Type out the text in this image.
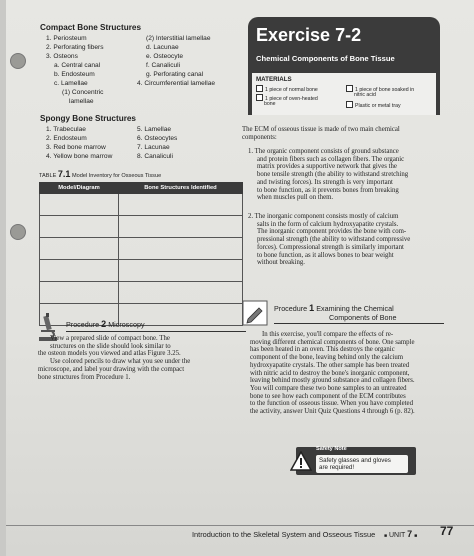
Compact Bone Structures
1. Periosteum
2. Perforating fibers
3. Osteons
a. Central canal
b. Endosteum
c. Lamellae
(1) Concentric
lamellae
(2) Interstitial lamellae
d. Lacunae
e. Osteocyte
f. Canaliculi
g. Perforating canal
4. Circumferential lamellae
Spongy Bone Structures
1. Trabeculae
2. Endosteum
3. Red bone marrow
4. Yellow bone marrow
5. Lamellae
6. Osteocytes
7. Lacunae
8. Canaliculi
TABLE 7.1 Model Inventory for Osseous Tissue
Model/Diagram	Bone Structures Identified

Exercise 7-2
Chemical Components of Bone Tissue
MATERIALS
1 piece of normal bone
1 piece of oven-heated
bone
1 piece of bone soaked in
nitric acid
Plastic or metal tray
The ECM of osseous tissue is made of two main chemical
components:
1. The organic component consists of ground substance
and protein fibers such as collagen fibers. The organic
matrix provides a supportive network that gives the
bone tensile strength (the ability to withstand stretching
and twisting forces). Its strength is very important
to bone function, as it prevents bones from breaking
when muscles pull on them.
2. The inorganic component consists mostly of calcium
salts in the form of calcium hydroxyapatite crystals.
The inorganic component provides the bone with com-
pressional strength (the ability to withstand compressive
forces). Compressional strength is similarly important
to bone function, as it allows bones to bear weight
without breaking.
Procedure 1 Examining the Chemical
Components of Bone
In this exercise, you'll compare the effects of re-
moving different chemical components of bone. One sample
has been heated in an oven. This destroys the organic
component of the bone, leaving behind only the calcium
hydroxyapatite crystals. The other sample has been treated
with nitric acid to destroy the bone's inorganic component,
leaving behind mostly ground substance and collagen fibers.
You will compare these two bone samples to an untreated
bone to see how each component of the ECM contributes
to the function of osseous tissue. When you have completed
the activity, answer Unit Quiz Questions 4 through 6 (p. 82).
Safety Note
Safety glasses and gloves
are required!
Procedure 2 Microscopy
View a prepared slide of compact bone. The
structures on the slide should look similar to
the osteon models you viewed and atlas Figure 3.25.
Use colored pencils to draw what you see under the
microscope, and label your drawing with the compact
bone structures from Procedure 1.
Introduction to the Skeletal System and Osseous Tissue ■ UNIT 7 ■ 77
